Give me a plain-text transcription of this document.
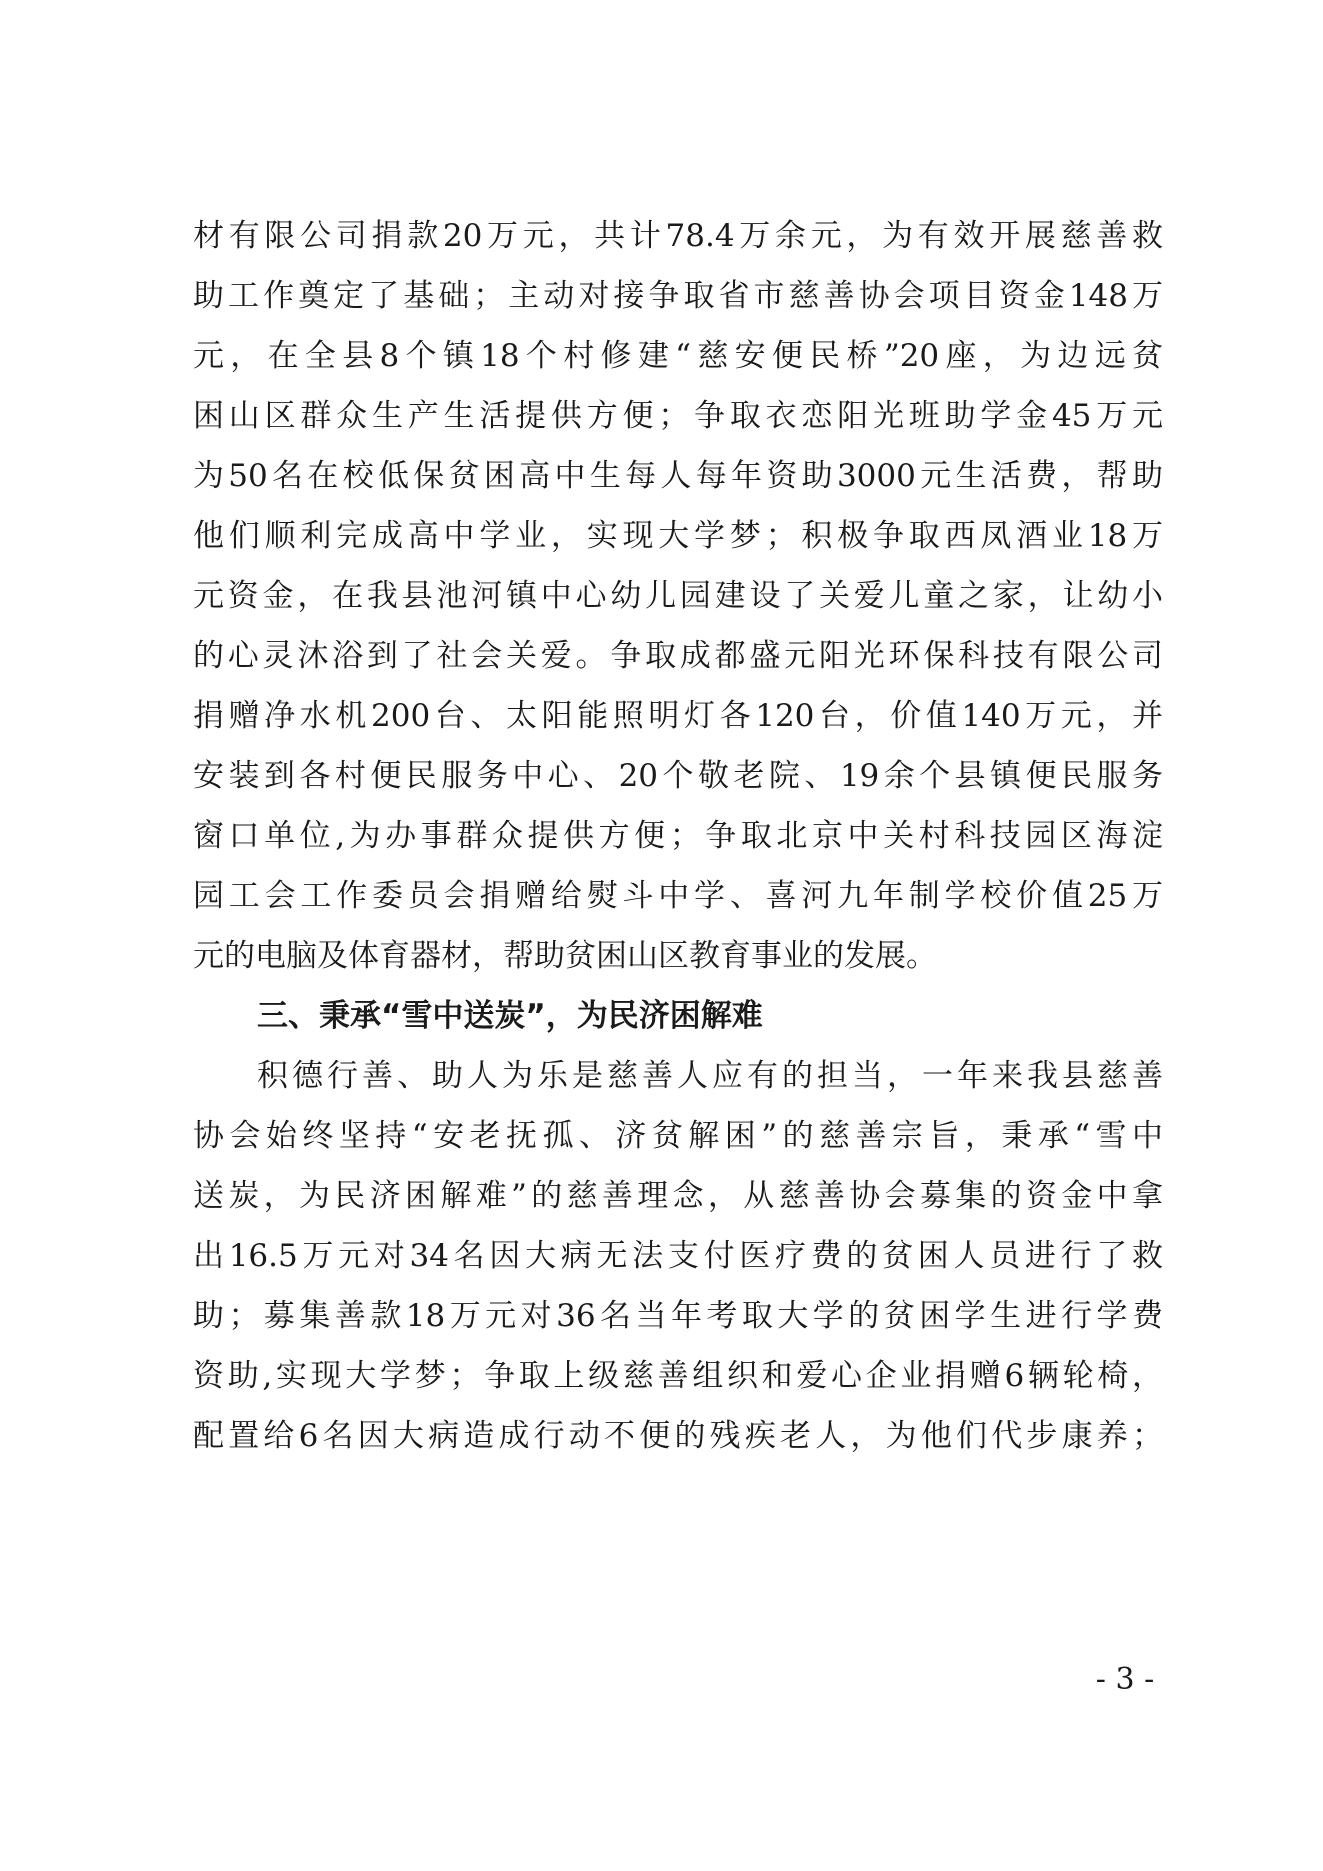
材有限公司捐款20万元，共计78.4万余元，为有效开展慈善救
助工作奠定了基础；主动对接争取省市慈善协会项目资金148万
元，在全县8个镇18个村修建“慈安便民桥”20座，为边远贫
困山区群众生产生活提供方便；争取衣恋阳光班助学金45万元
为50名在校低保贫困高中生每人每年资助3000元生活费，帮助
他们顺利完成高中学业，实现大学梦；积极争取西凤酒业18万
元资金，在我县池河镇中心幼儿园建设了关爱儿童之家，让幼小
的心灵沐浴到了社会关爱。争取成都盛元阳光环保科技有限公司
捐赠净水机200台、太阳能照明灯各120台，价值140万元，并
安装到各村便民服务中心、20个敬老院、19余个县镇便民服务
窗口单位,为办事群众提供方便；争取北京中关村科技园区海淀
园工会工作委员会捐赠给熨斗中学、喜河九年制学校价值25万
元的电脑及体育器材，帮助贫困山区教育事业的发展。
三、秉承“雪中送炭”，为民济困解难
积德行善、助人为乐是慈善人应有的担当，一年来我县慈善
协会始终坚持“安老抚孤、济贫解困”的慈善宗旨，秉承“雪中
送炭，为民济困解难”的慈善理念，从慈善协会募集的资金中拿
出16.5万元对34名因大病无法支付医疗费的贫困人员进行了救
助；募集善款18万元对36名当年考取大学的贫困学生进行学费
资助,实现大学梦；争取上级慈善组织和爱心企业捐赠6辆轮椅，
配置给6名因大病造成行动不便的残疾老人，为他们代步康养；
- 3 -
